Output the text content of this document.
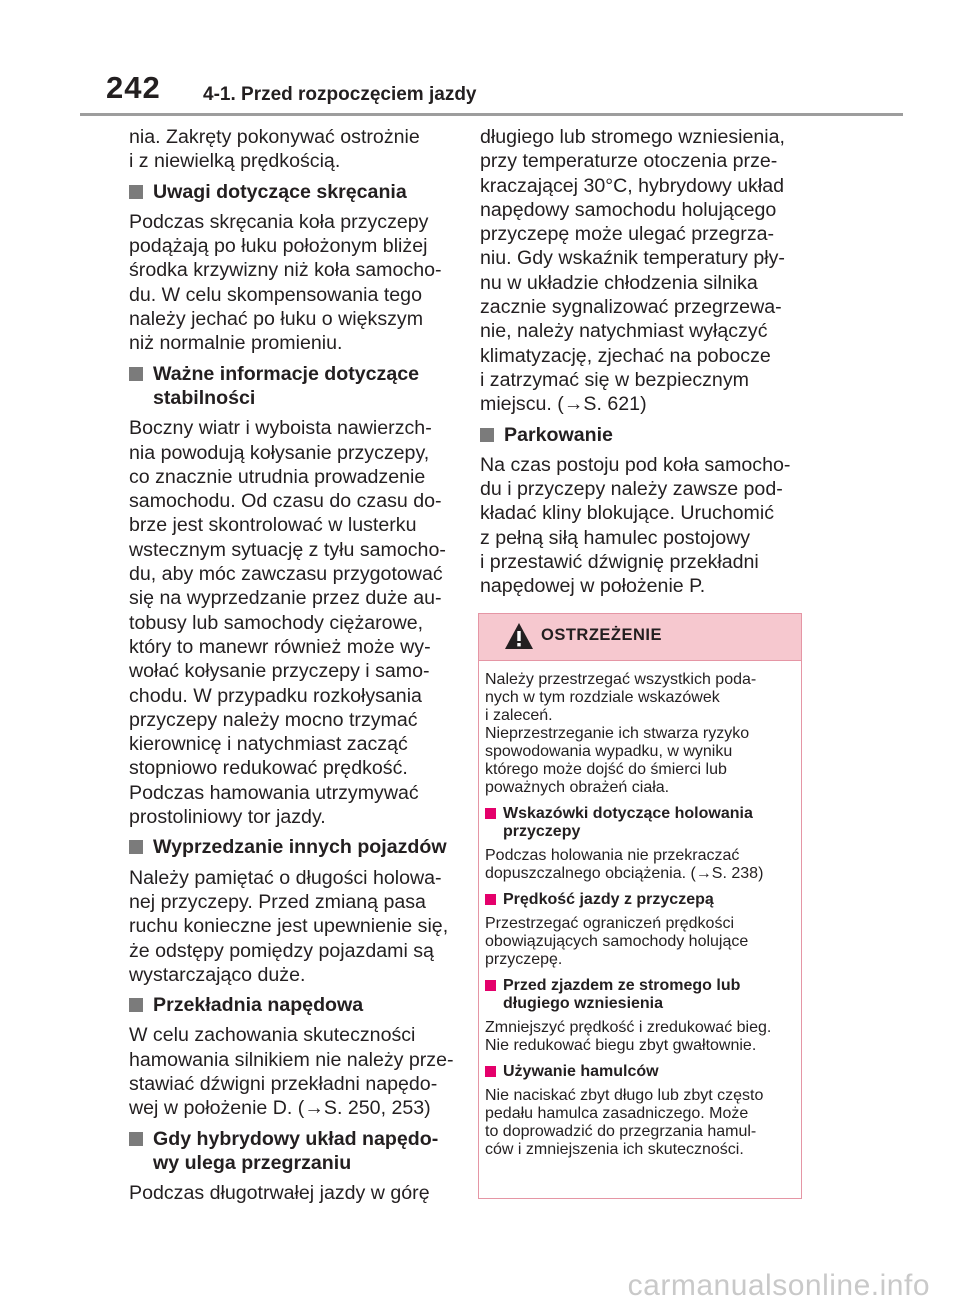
242 4-1. Przed rozpoczęciem jazdy
nia. Zakręty pokonywać ostrożnie
i z niewielką prędkością.
Uwagi dotyczące skręcania
Podczas skręcania koła przyczepy
podążają po łuku położonym bliżej
środka krzywizny niż koła samocho-
du. W celu skompensowania tego
należy jechać po łuku o większym
niż normalnie promieniu.
Ważne informacje dotyczące
stabilności
Boczny wiatr i wyboista nawierzch-
nia powodują kołysanie przyczepy,
co znacznie utrudnia prowadzenie
samochodu. Od czasu do czasu do-
brze jest skontrolować w lusterku
wstecznym sytuację z tyłu samocho-
du, aby móc zawczasu przygotować
się na wyprzedzanie przez duże au-
tobusy lub samochody ciężarowe,
który to manewr również może wy-
wołać kołysanie przyczepy i samo-
chodu. W przypadku rozkołysania
przyczepy należy mocno trzymać
kierownicę i natychmiast zacząć
stopniowo redukować prędkość.
Podczas hamowania utrzymywać
prostoliniowy tor jazdy.
Wyprzedzanie innych pojazdów
Należy pamiętać o długości holowa-
nej przyczepy. Przed zmianą pasa
ruchu konieczne jest upewnienie się,
że odstępy pomiędzy pojazdami są
wystarczająco duże.
Przekładnia napędowa
W celu zachowania skuteczności
hamowania silnikiem nie należy prze-
stawiać dźwigni przekładni napędo-
wej w położenie D. (→S. 250, 253)
Gdy hybrydowy układ napędo-
wy ulega przegrzaniu
Podczas długotrwałej jazdy w górę
długiego lub stromego wzniesienia,
przy temperaturze otoczenia prze-
kraczającej 30°C, hybrydowy układ
napędowy samochodu holującego
przyczepę może ulegać przegrza-
niu. Gdy wskaźnik temperatury pły-
nu w układzie chłodzenia silnika
zacznie sygnalizować przegrzewa-
nie, należy natychmiast wyłączyć
klimatyzację, zjechać na pobocze
i zatrzymać się w bezpiecznym
miejscu. (→S. 621)
Parkowanie
Na czas postoju pod koła samocho-
du i przyczepy należy zawsze pod-
kładać kliny blokujące. Uruchomić
z pełną siłą hamulec postojowy
i przestawić dźwignię przekładni
napędowej w położenie P.
OSTRZEŻENIE
Należy przestrzegać wszystkich poda-
nych w tym rozdziale wskazówek
i zaleceń.
Nieprzestrzeganie ich stwarza ryzyko
spowodowania wypadku, w wyniku
którego może dojść do śmierci lub
poważnych obrażeń ciała.
Wskazówki dotyczące holowania
przyczepy
Podczas holowania nie przekraczać
dopuszczalnego obciążenia. (→S. 238)
Prędkość jazdy z przyczepą
Przestrzegać ograniczeń prędkości
obowiązujących samochody holujące
przyczepę.
Przed zjazdem ze stromego lub
długiego wzniesienia
Zmniejszyć prędkość i zredukować bieg.
Nie redukować biegu zbyt gwałtownie.
Używanie hamulców
Nie naciskać zbyt długo lub zbyt często
pedału hamulca zasadniczego. Może
to doprowadzić do przegrzania hamul-
ców i zmniejszenia ich skuteczności.
carmanualsonline.info
